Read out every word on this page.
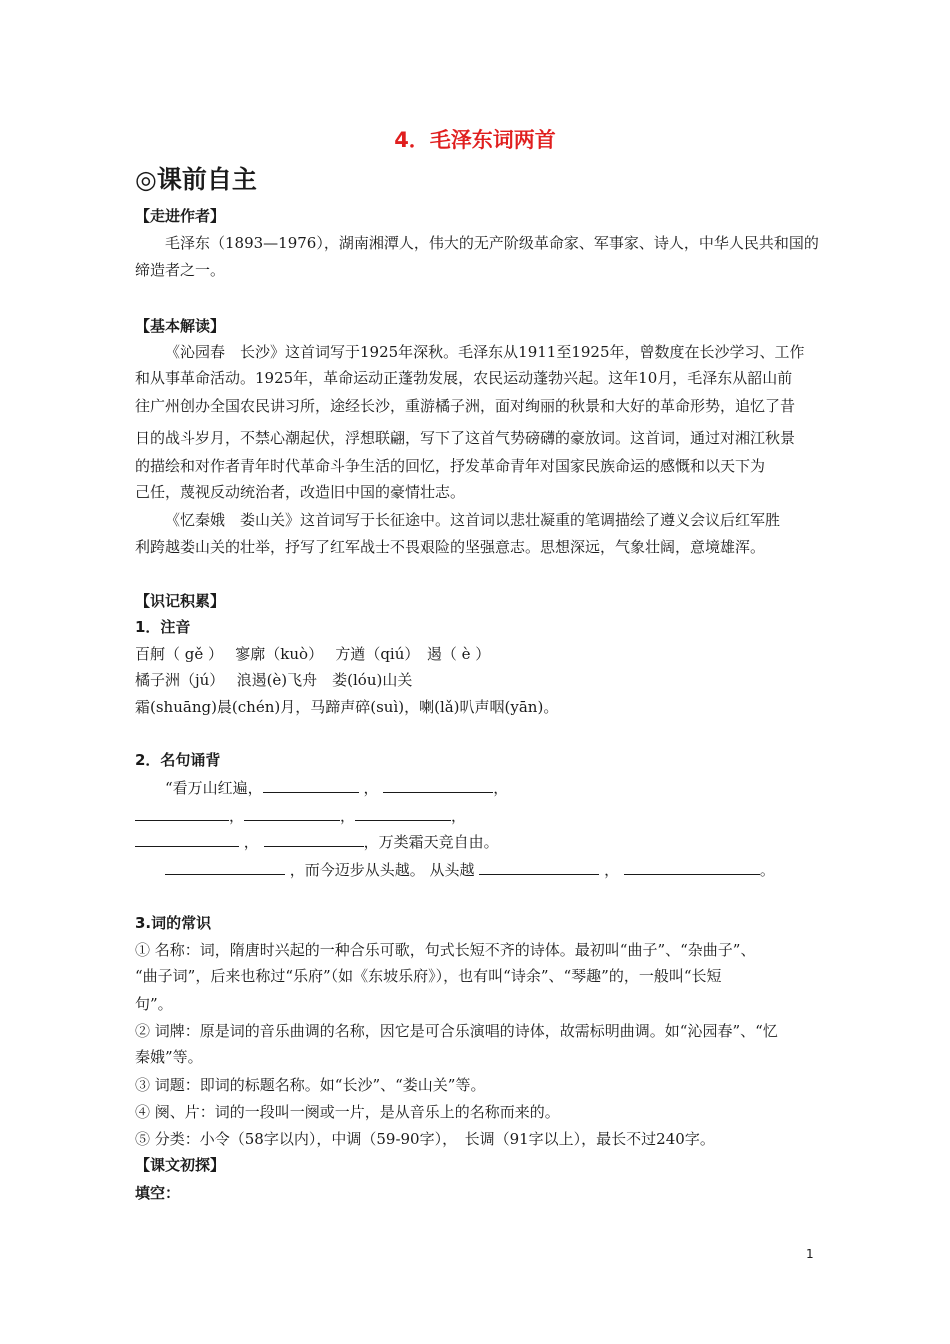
4．毛泽东词两首
◎课前自主
【走进作者】
毛泽东（1893—1976），湖南湘潭人，伟大的无产阶级革命家、军事家、诗人，中华人民共和国的
缔造者之一。
【基本解读】
《沁园春　长沙》这首词写于1925年深秋。毛泽东从1911至1925年，曾数度在长沙学习、工作
和从事革命活动。1925年，革命运动正蓬勃发展，农民运动蓬勃兴起。这年10月，毛泽东从韶山前
往广州创办全国农民讲习所，途经长沙，重游橘子洲，面对绚丽的秋景和大好的革命形势，追忆了昔
日的战斗岁月，不禁心潮起伏，浮想联翩，写下了这首气势磅礴的豪放词。这首词，通过对湘江秋景
的描绘和对作者青年时代革命斗争生活的回忆，抒发革命青年对国家民族命运的感慨和以天下为
己任，蔑视反动统治者，改造旧中国的豪情壮志。
《忆秦娥　娄山关》这首词写于长征途中。这首词以悲壮凝重的笔调描绘了遵义会议后红军胜
利跨越娄山关的壮举，抒写了红军战士不畏艰险的坚强意志。思想深远，气象壮阔，意境雄浑。
【识记积累】
1．注音
百舸（ gě ）　 寥廓（kuò）　 方遒（qiú）　遏（ è ）
橘子洲（jú）　 浪遏(è)飞舟　娄(lóu)山关
霜(shuāng)晨(chén)月，马蹄声碎(suì)，喇(lǎ)叭声咽(yān)。
2．名句诵背
“看万山红遍，	，	，
，	，	，
，	，万类霜天竞自由。
，而今迈步从头越。 从头越	，	。
3.词的常识
① 名称：词，隋唐时兴起的一种合乐可歌，句式长短不齐的诗体。最初叫“曲子”、“杂曲子”、
“曲子词”，后来也称过“乐府”（如《东坡乐府》），也有叫“诗余”、“琴趣”的，一般叫“长短
句”。
② 词牌：原是词的音乐曲调的名称，因它是可合乐演唱的诗体，故需标明曲调。如“沁园春”、“忆
秦娥”等。
③ 词题：即词的标题名称。如“长沙”、“娄山关”等。
④ 阕、片：词的一段叫一阕或一片，是从音乐上的名称而来的。
⑤ 分类：小令（58字以内），中调（59-90字），　长调（91字以上），最长不过240字。
【课文初探】
填空：
1
